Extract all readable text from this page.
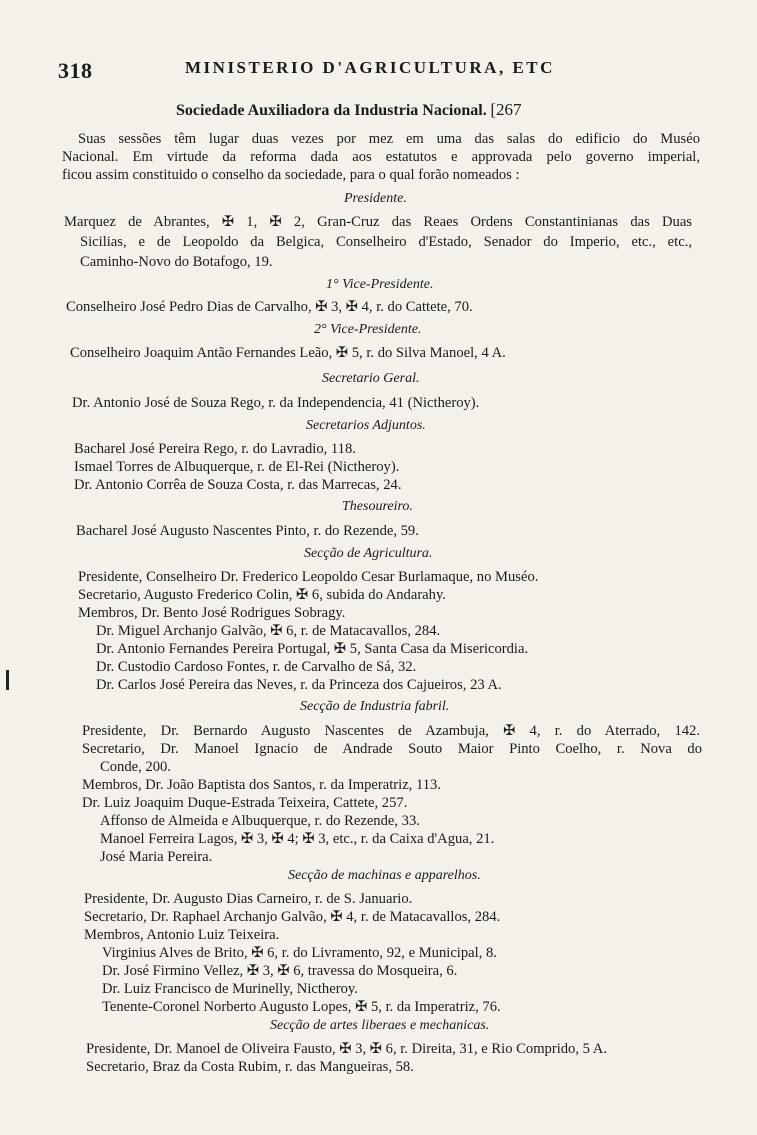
318	MINISTERIO D'AGRICULTURA, ETC
Sociedade Auxiliadora da Industria Nacional. [267
Suas sessões têm lugar duas vezes por mez em uma das salas do edificio do Muséo
Nacional. Em virtude da reforma dada aos estatutos e approvada pelo governo imperial,
ficou assim constituido o conselho da sociedade, para o qual forão nomeados :
Presidente.
Marquez de Abrantes, ✠ 1, ✠ 2, Gran-Cruz das Reaes Ordens Constantinianas das Duas
Sicilias, e de Leopoldo da Belgica, Conselheiro d'Estado, Senador do Imperio, etc., etc.,
Caminho-Novo do Botafogo, 19.
1° Vice-Presidente.
Conselheiro José Pedro Dias de Carvalho, ✠ 3, ✠ 4, r. do Cattete, 70.
2° Vice-Presidente.
Conselheiro Joaquim Antão Fernandes Leão, ✠ 5, r. do Silva Manoel, 4 A.
Secretario Geral.
Dr. Antonio José de Souza Rego, r. da Independencia, 41 (Nictheroy).
Secretarios Adjuntos.
Bacharel José Pereira Rego, r. do Lavradio, 118.
Ismael Torres de Albuquerque, r. de El-Rei (Nictheroy).
Dr. Antonio Corrêa de Souza Costa, r. das Marrecas, 24.
Thesoureiro.
Bacharel José Augusto Nascentes Pinto, r. do Rezende, 59.
Secção de Agricultura.
Presidente, Conselheiro Dr. Frederico Leopoldo Cesar Burlamaque, no Muséo.
Secretario, Augusto Frederico Colin, ✠ 6, subida do Andarahy.
Membros, Dr. Bento José Rodrigues Sobragy.
Dr. Miguel Archanjo Galvão, ✠ 6, r. de Matacavallos, 284.
Dr. Antonio Fernandes Pereira Portugal, ✠ 5, Santa Casa da Misericordia.
Dr. Custodio Cardoso Fontes, r. de Carvalho de Sá, 32.
Dr. Carlos José Pereira das Neves, r. da Princeza dos Cajueiros, 23 A.
Secção de Industria fabril.
Presidente, Dr. Bernardo Augusto Nascentes de Azambuja, ✠ 4, r. do Aterrado, 142.
Secretario, Dr. Manoel Ignacio de Andrade Souto Maior Pinto Coelho, r. Nova do
Conde, 200.
Membros, Dr. João Baptista dos Santos, r. da Imperatriz, 113.
Dr. Luiz Joaquim Duque-Estrada Teixeira, Cattete, 257.
Affonso de Almeida e Albuquerque, r. do Rezende, 33.
Manoel Ferreira Lagos, ✠ 3, ✠ 4; ✠ 3, etc., r. da Caixa d'Agua, 21.
José Maria Pereira.
Secção de machinas e apparelhos.
Presidente, Dr. Augusto Dias Carneiro, r. de S. Januario.
Secretario, Dr. Raphael Archanjo Galvão, ✠ 4, r. de Matacavallos, 284.
Membros, Antonio Luiz Teixeira.
Virginius Alves de Brito, ✠ 6, r. do Livramento, 92, e Municipal, 8.
Dr. José Firmino Vellez, ✠ 3, ✠ 6, travessa do Mosqueira, 6.
Dr. Luiz Francisco de Murinelly, Nictheroy.
Tenente-Coronel Norberto Augusto Lopes, ✠ 5, r. da Imperatriz, 76.
Secção de artes liberaes e mechanicas.
Presidente, Dr. Manoel de Oliveira Fausto, ✠ 3, ✠ 6, r. Direita, 31, e Rio Comprido, 5 A.
Secretario, Braz da Costa Rubim, r. das Mangueiras, 58.
